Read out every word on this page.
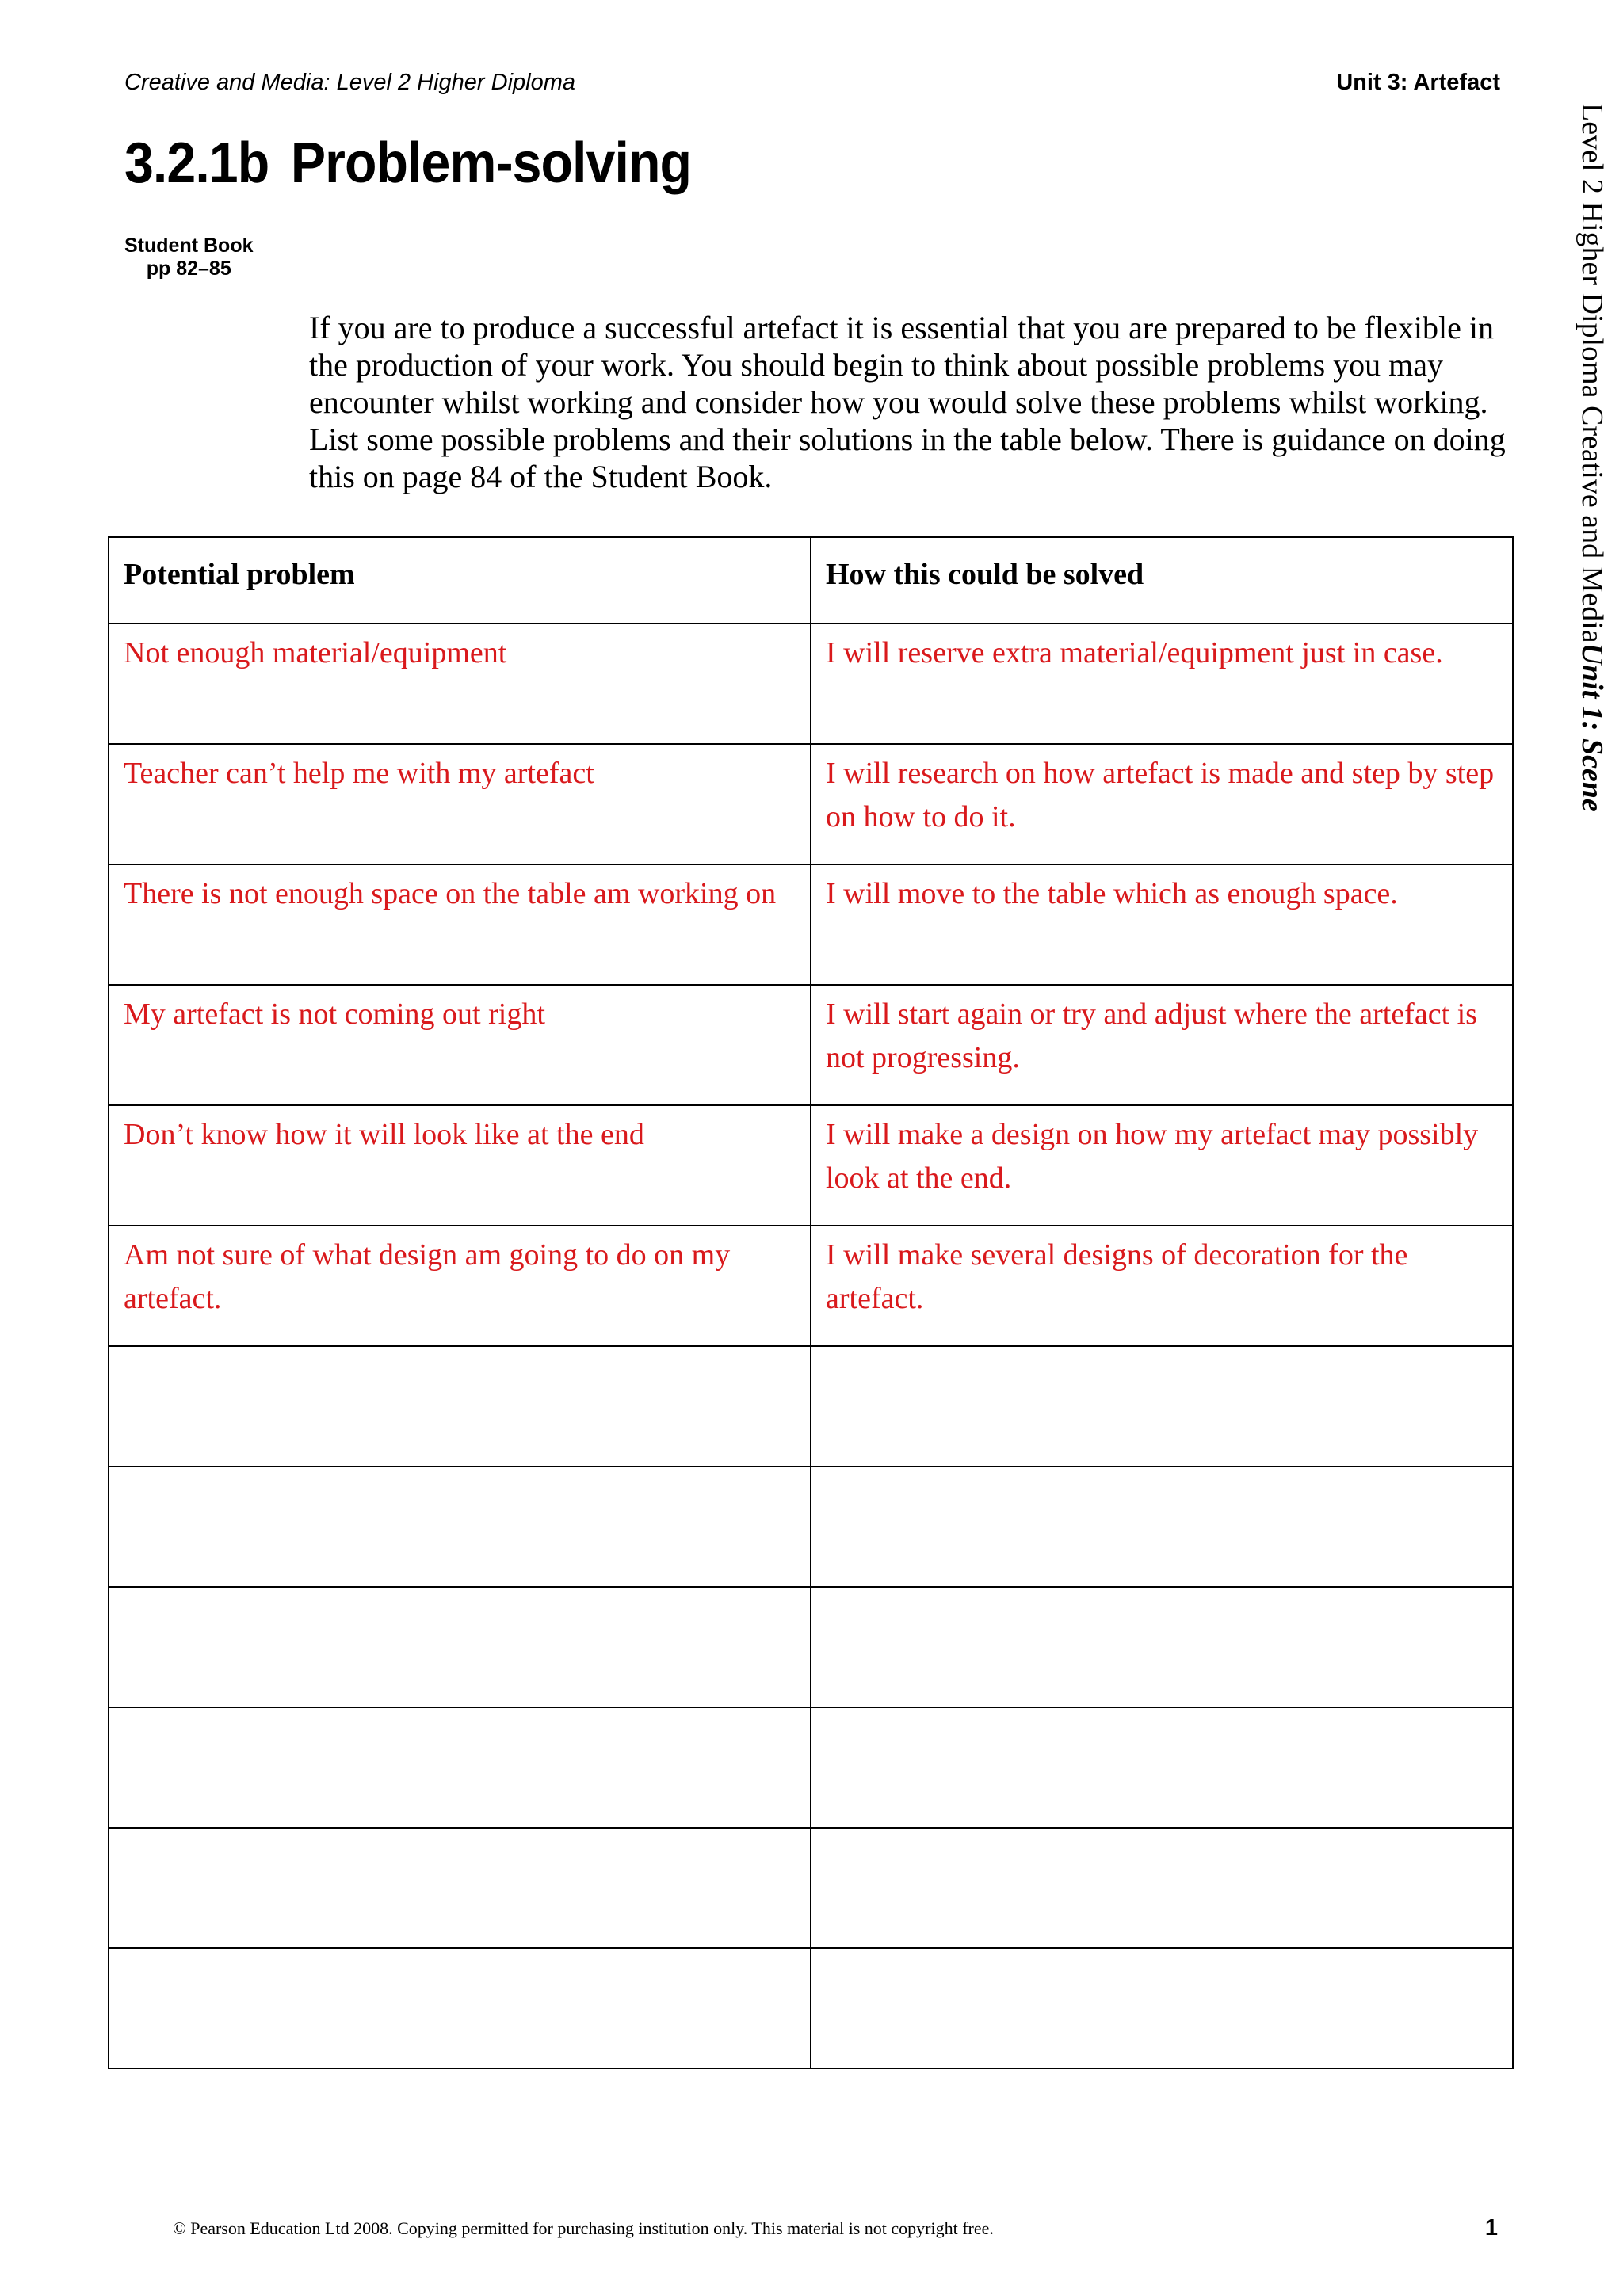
Creative and Media: Level 2 Higher Diploma	Unit 3: Artefact
3.2.1b Problem-solving
Student Book
pp 82–85

If you are to produce a successful artefact it is essential that you are prepared to be flexible in the production of your work. You should begin to think about possible problems you may encounter whilst working and consider how you would solve these problems whilst working. List some possible problems and their solutions in the table below. There is guidance on doing this on page 84 of the Student Book.	Level 2 Higher Diploma Creative and MediaUnit 1: Scene
Potential problem	How this could be solved
Not enough material/equipment	I will reserve extra material/equipment just in case.
Teacher can’t help me with my artefact	I will research on how artefact is made and step by step on how to do it.
There is not enough space on the table am working on	I will move to the table which as enough space.
My artefact is not coming out right	I will start again or try and adjust where the artefact is not progressing.
Don’t know how it will look like at the end	I will make a design on how my artefact may possibly look at the end.
Am not sure of what design am going to do on my artefact.	I will make several designs of decoration for the artefact.

© Pearson Education Ltd 2008. Copying permitted for purchasing institution only. This material is not copyright free.	1
